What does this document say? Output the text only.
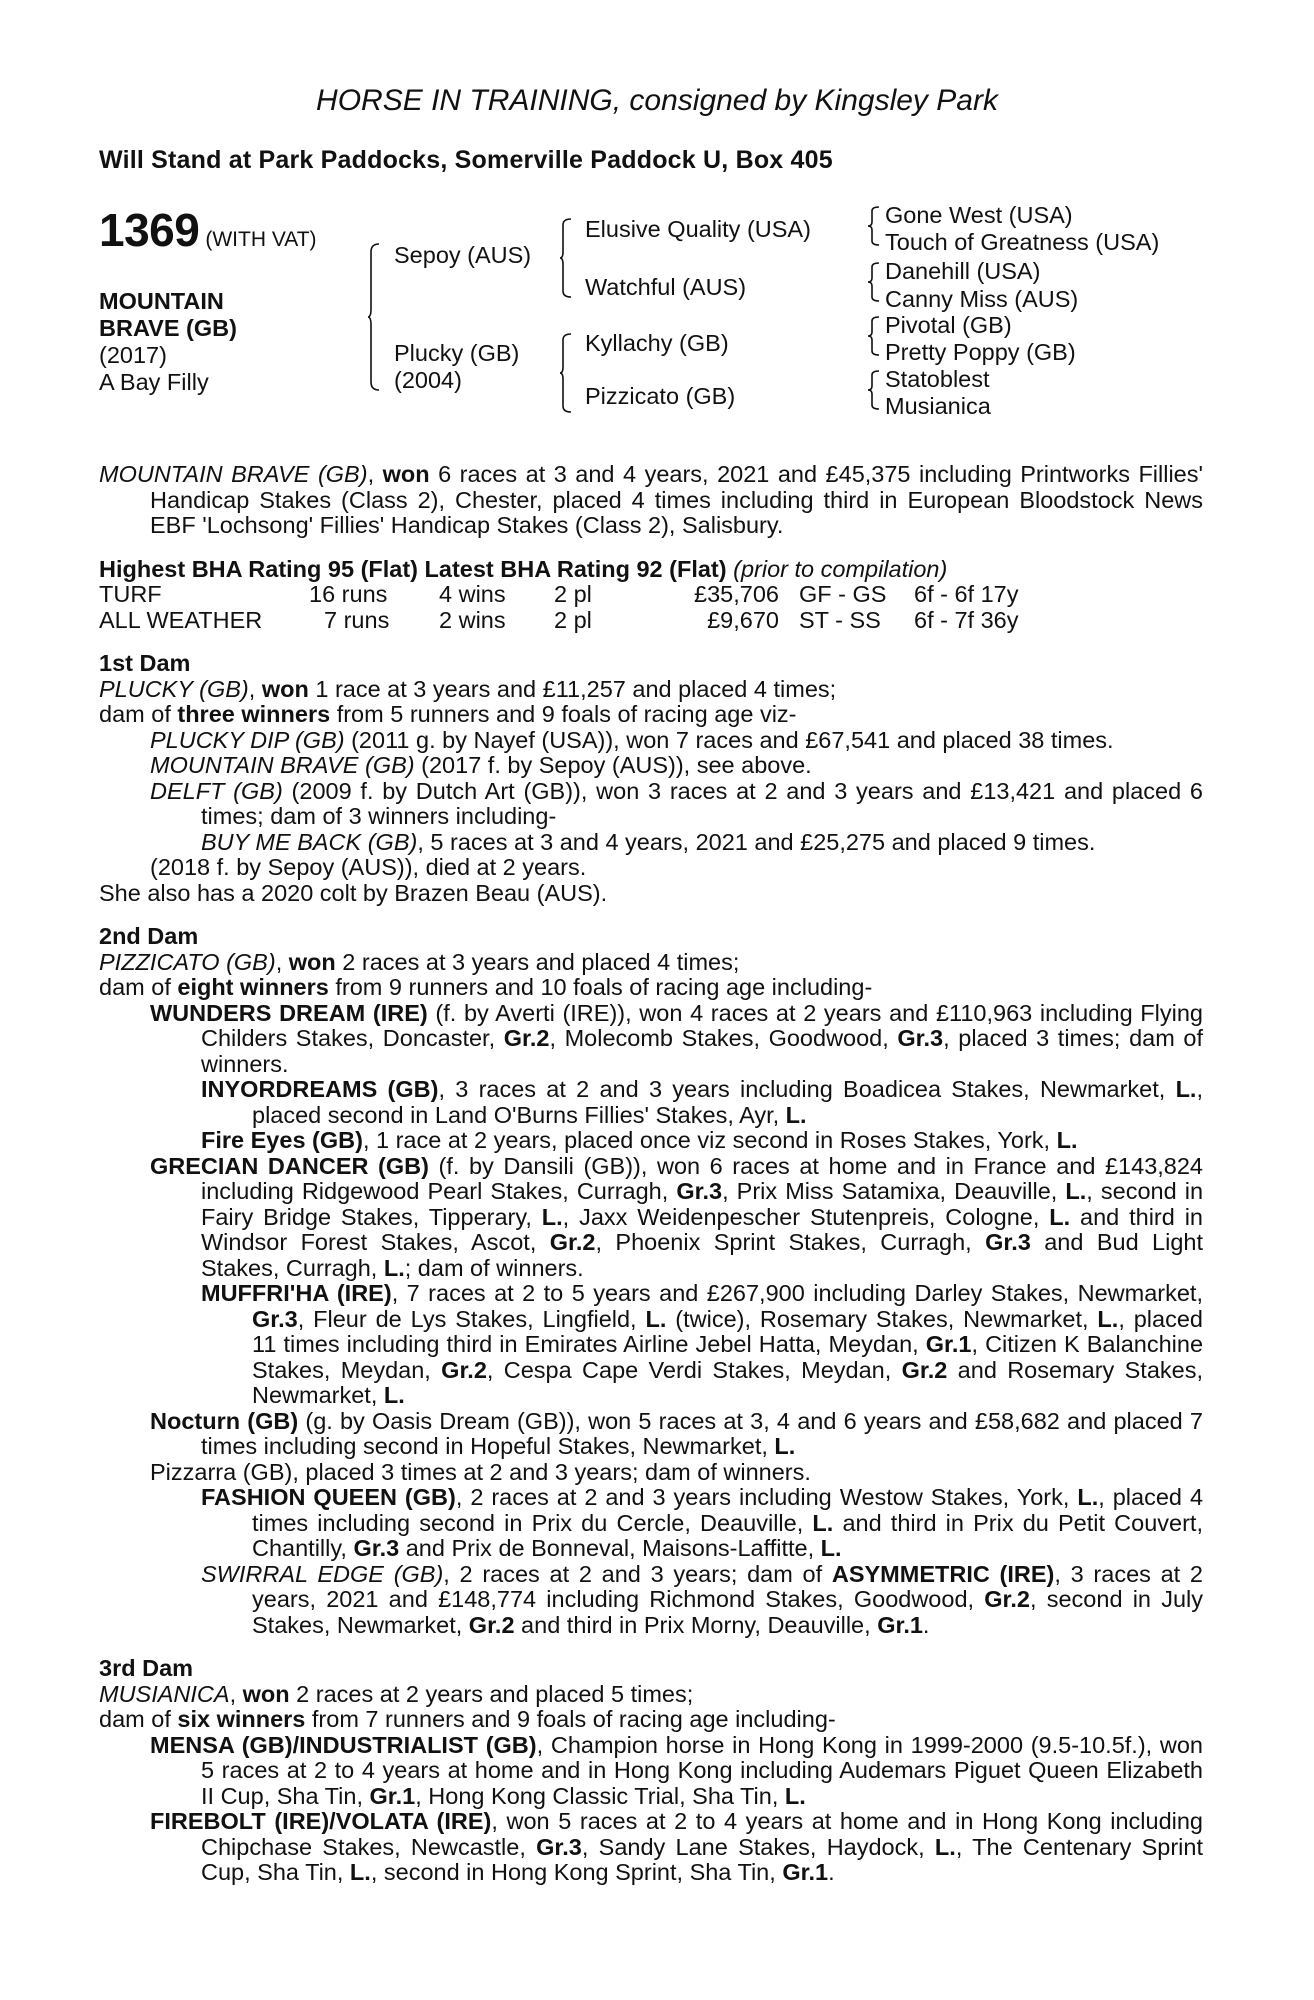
HORSE IN TRAINING, consigned by Kingsley Park
Will Stand at Park Paddocks, Somerville Paddock U, Box 405
1369 (WITH VAT)
MOUNTAIN
BRAVE (GB)
(2017)
A Bay Filly
Sepoy (AUS)
Plucky (GB)
(2004)
Elusive Quality (USA)
Watchful (AUS)
Kyllachy (GB)
Pizzicato (GB)
Gone West (USA)
Touch of Greatness (USA)
Danehill (USA)
Canny Miss (AUS)
Pivotal (GB)
Pretty Poppy (GB)
Statoblest
Musianica

MOUNTAIN BRAVE (GB), won 6 races at 3 and 4 years, 2021 and £45,375 including Printworks Fillies' Handicap Stakes (Class 2), Chester, placed 4 times including third in European Bloodstock News EBF 'Lochsong' Fillies' Handicap Stakes (Class 2), Salisbury.

Highest BHA Rating 95 (Flat) Latest BHA Rating 92 (Flat) (prior to compilation)

TURF	16 runs 4 wins 2 pl	£35,706 GF - GS 6f - 6f 17y
ALL WEATHER	7 runs 2 wins 2 pl	£9,670 ST - SS 6f - 7f 36y

1st Dam

PLUCKY (GB), won 1 race at 3 years and £11,257 and placed 4 times;

dam of three winners from 5 runners and 9 foals of racing age viz-

PLUCKY DIP (GB) (2011 g. by Nayef (USA)), won 7 races and £67,541 and placed 38 times.

MOUNTAIN BRAVE (GB) (2017 f. by Sepoy (AUS)), see above.

DELFT (GB) (2009 f. by Dutch Art (GB)), won 3 races at 2 and 3 years and £13,421 and placed 6 times; dam of 3 winners including-

BUY ME BACK (GB), 5 races at 3 and 4 years, 2021 and £25,275 and placed 9 times.

(2018 f. by Sepoy (AUS)), died at 2 years.

She also has a 2020 colt by Brazen Beau (AUS).

2nd Dam

PIZZICATO (GB), won 2 races at 3 years and placed 4 times;

dam of eight winners from 9 runners and 10 foals of racing age including-

WUNDERS DREAM (IRE) (f. by Averti (IRE)), won 4 races at 2 years and £110,963 including Flying Childers Stakes, Doncaster, Gr.2, Molecomb Stakes, Goodwood, Gr.3, placed 3 times; dam of winners.

INYORDREAMS (GB), 3 races at 2 and 3 years including Boadicea Stakes, Newmarket, L., placed second in Land O'Burns Fillies' Stakes, Ayr, L.

Fire Eyes (GB), 1 race at 2 years, placed once viz second in Roses Stakes, York, L.

GRECIAN DANCER (GB) (f. by Dansili (GB)), won 6 races at home and in France and £143,824 including Ridgewood Pearl Stakes, Curragh, Gr.3, Prix Miss Satamixa, Deauville, L., second in Fairy Bridge Stakes, Tipperary, L., Jaxx Weidenpescher Stutenpreis, Cologne, L. and third in Windsor Forest Stakes, Ascot, Gr.2, Phoenix Sprint Stakes, Curragh, Gr.3 and Bud Light Stakes, Curragh, L.; dam of winners.

MUFFRI'HA (IRE), 7 races at 2 to 5 years and £267,900 including Darley Stakes, Newmarket, Gr.3, Fleur de Lys Stakes, Lingfield, L. (twice), Rosemary Stakes, Newmarket, L., placed 11 times including third in Emirates Airline Jebel Hatta, Meydan, Gr.1, Citizen K Balanchine Stakes, Meydan, Gr.2, Cespa Cape Verdi Stakes, Meydan, Gr.2 and Rosemary Stakes, Newmarket, L.

Nocturn (GB) (g. by Oasis Dream (GB)), won 5 races at 3, 4 and 6 years and £58,682 and placed 7 times including second in Hopeful Stakes, Newmarket, L.

Pizzarra (GB), placed 3 times at 2 and 3 years; dam of winners.

FASHION QUEEN (GB), 2 races at 2 and 3 years including Westow Stakes, York, L., placed 4 times including second in Prix du Cercle, Deauville, L. and third in Prix du Petit Couvert, Chantilly, Gr.3 and Prix de Bonneval, Maisons-Laffitte, L.

SWIRRAL EDGE (GB), 2 races at 2 and 3 years; dam of ASYMMETRIC (IRE), 3 races at 2 years, 2021 and £148,774 including Richmond Stakes, Goodwood, Gr.2, second in July Stakes, Newmarket, Gr.2 and third in Prix Morny, Deauville, Gr.1.

3rd Dam

MUSIANICA, won 2 races at 2 years and placed 5 times;

dam of six winners from 7 runners and 9 foals of racing age including-

MENSA (GB)/INDUSTRIALIST (GB), Champion horse in Hong Kong in 1999-2000 (9.5-10.5f.), won 5 races at 2 to 4 years at home and in Hong Kong including Audemars Piguet Queen Elizabeth II Cup, Sha Tin, Gr.1, Hong Kong Classic Trial, Sha Tin, L.

FIREBOLT (IRE)/VOLATA (IRE), won 5 races at 2 to 4 years at home and in Hong Kong including Chipchase Stakes, Newcastle, Gr.3, Sandy Lane Stakes, Haydock, L., The Centenary Sprint Cup, Sha Tin, L., second in Hong Kong Sprint, Sha Tin, Gr.1.
